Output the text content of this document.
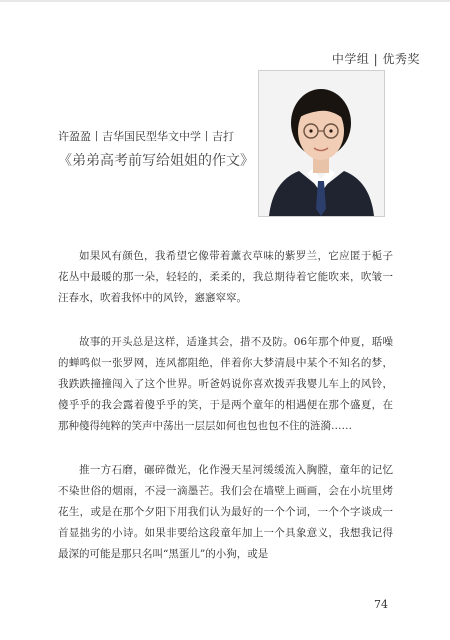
中学组 | 优秀奖
许盈盈丨吉华国民型华文中学丨吉打
《弟弟高考前写给姐姐的作文》

如果风有颜色，我希望它像带着薰衣草味的紫罗兰，它应匿于栀子花丛中最暖的那一朵，轻轻的，柔柔的，我总期待着它能吹来，吹皱一汪春水，吹着我怀中的风铃，窸窸窣窣。

故事的开头总是这样，适逢其会，措不及防。06年那个仲夏，聒噪的蝉鸣似一张罗网，连风都阻绝，伴着你大梦清晨中某个不知名的梦，我跌跌撞撞闯入了这个世界。听爸妈说你喜欢拨弄我婴儿车上的风铃，傻乎乎的我会露着傻乎乎的笑，于是两个童年的相遇便在那个盛夏，在那种傻得纯粹的笑声中荡出一层层如何也包也包不住的涟漪……

推一方石磨，碾碎微光，化作漫天星河缓缓流入胸膛，童年的记忆不染世俗的烟雨，不浸一滴墨芒。我们会在墙壁上画画，会在小坑里烤花生，或是在那个夕阳下用我们认为最好的一个个词，一个个字谈成一首显拙劣的小诗。如果非要给这段童年加上一个具象意义，我想我记得最深的可能是那只名叫“黑蛋儿”的小狗，或是

74
